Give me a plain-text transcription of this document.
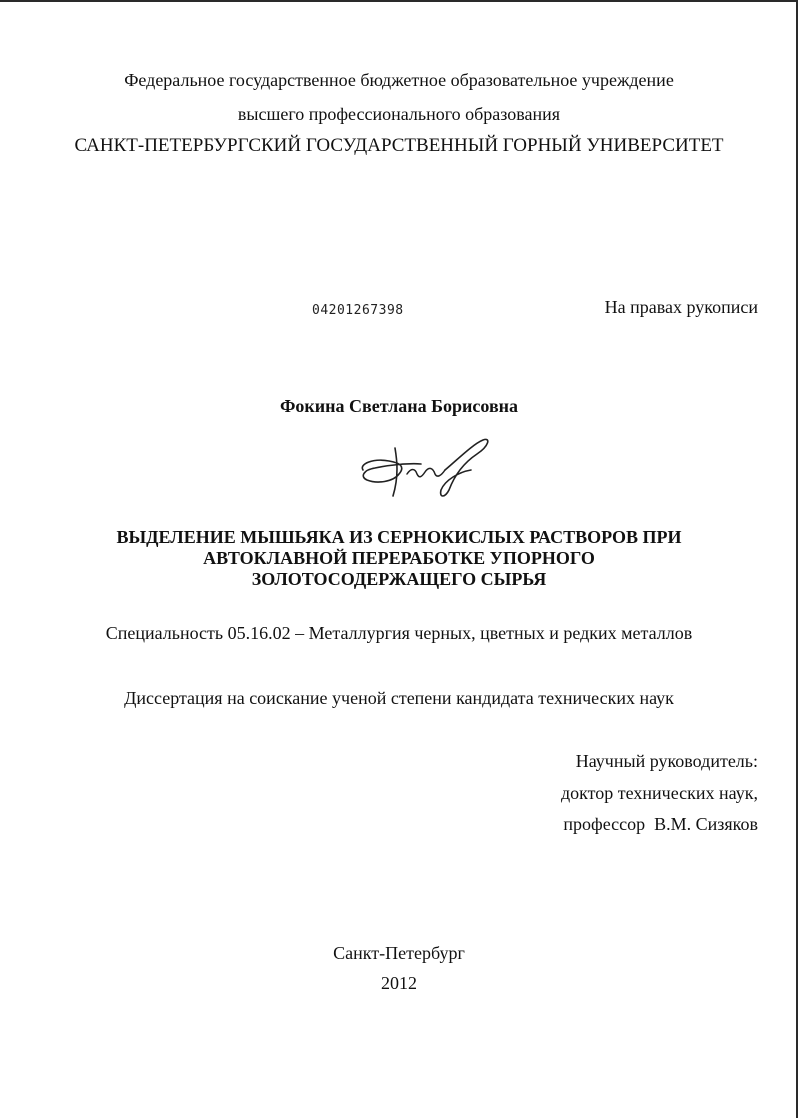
Федеральное государственное бюджетное образовательное учреждение
высшего профессионального образования
САНКТ-ПЕТЕРБУРГСКИЙ ГОСУДАРСТВЕННЫЙ ГОРНЫЙ УНИВЕРСИТЕТ
04201267398	На правах рукописи
Фокина Светлана Борисовна
ВЫДЕЛЕНИЕ МЫШЬЯКА ИЗ СЕРНОКИСЛЫХ РАСТВОРОВ ПРИ
АВТОКЛАВНОЙ ПЕРЕРАБОТКЕ УПОРНОГО
ЗОЛОТОСОДЕРЖАЩЕГО СЫРЬЯ
Специальность 05.16.02 – Металлургия черных, цветных и редких металлов
Диссертация на соискание ученой степени кандидата технических наук
Научный руководитель:
доктор технических наук,
профессор  В.М. Сизяков
Санкт-Петербург
2012
